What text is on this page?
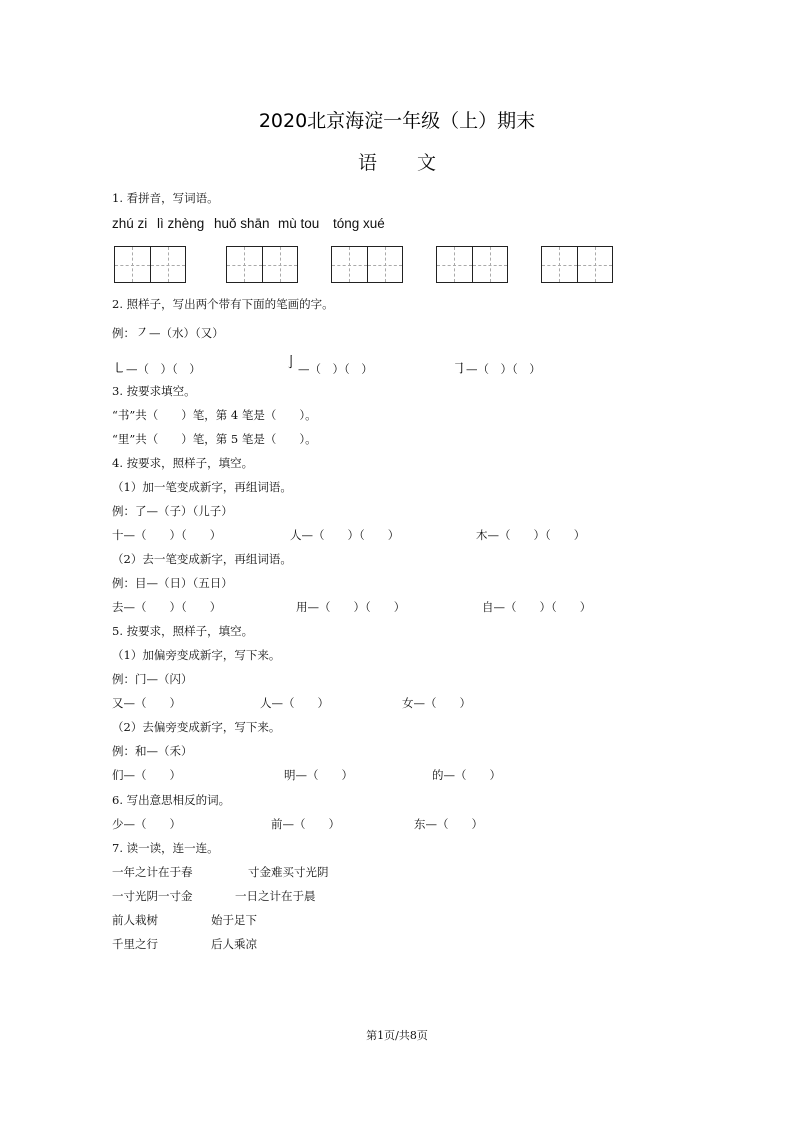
2020北京海淀一年级（上）期末
语文
1. 看拼音，写词语。
zhú zi lì zhèng huǒ shān mù tou tóng xué
2. 照样子，写出两个带有下面的笔画的字。
例：㇇—（水）（又）
㇄—（　）（　）	亅—（　）（　）	㇆—（　）（　）
3. 按要求填空。
“书”共（　　）笔，第 4 笔是（　　）。
“里”共（　　）笔，第 5 笔是（　　）。
4. 按要求，照样子，填空。
（1）加一笔变成新字，再组词语。
例：了—（子）（儿子）
十—（　　）（　　）	人—（　　）（　　）	木—（　　）（　　）
（2）去一笔变成新字，再组词语。
例：目—（日）（五日）
去—（　　）（　　）	用—（　　）（　　）	自—（　　）（　　）
5. 按要求，照样子，填空。
（1）加偏旁变成新字，写下来。
例：门—（闪）
又—（　　）	人—（　　）	女—（　　）
（2）去偏旁变成新字，写下来。
例：和—（禾）
们—（　　）	明—（　　）	的—（　　）
6. 写出意思相反的词。
少—（　　）	前—（　　）	东—（　　）
7. 读一读，连一连。
一年之计在于春	寸金难买寸光阴
一寸光阴一寸金	一日之计在于晨
前人栽树	始于足下
千里之行	后人乘凉
第1页/共8页
